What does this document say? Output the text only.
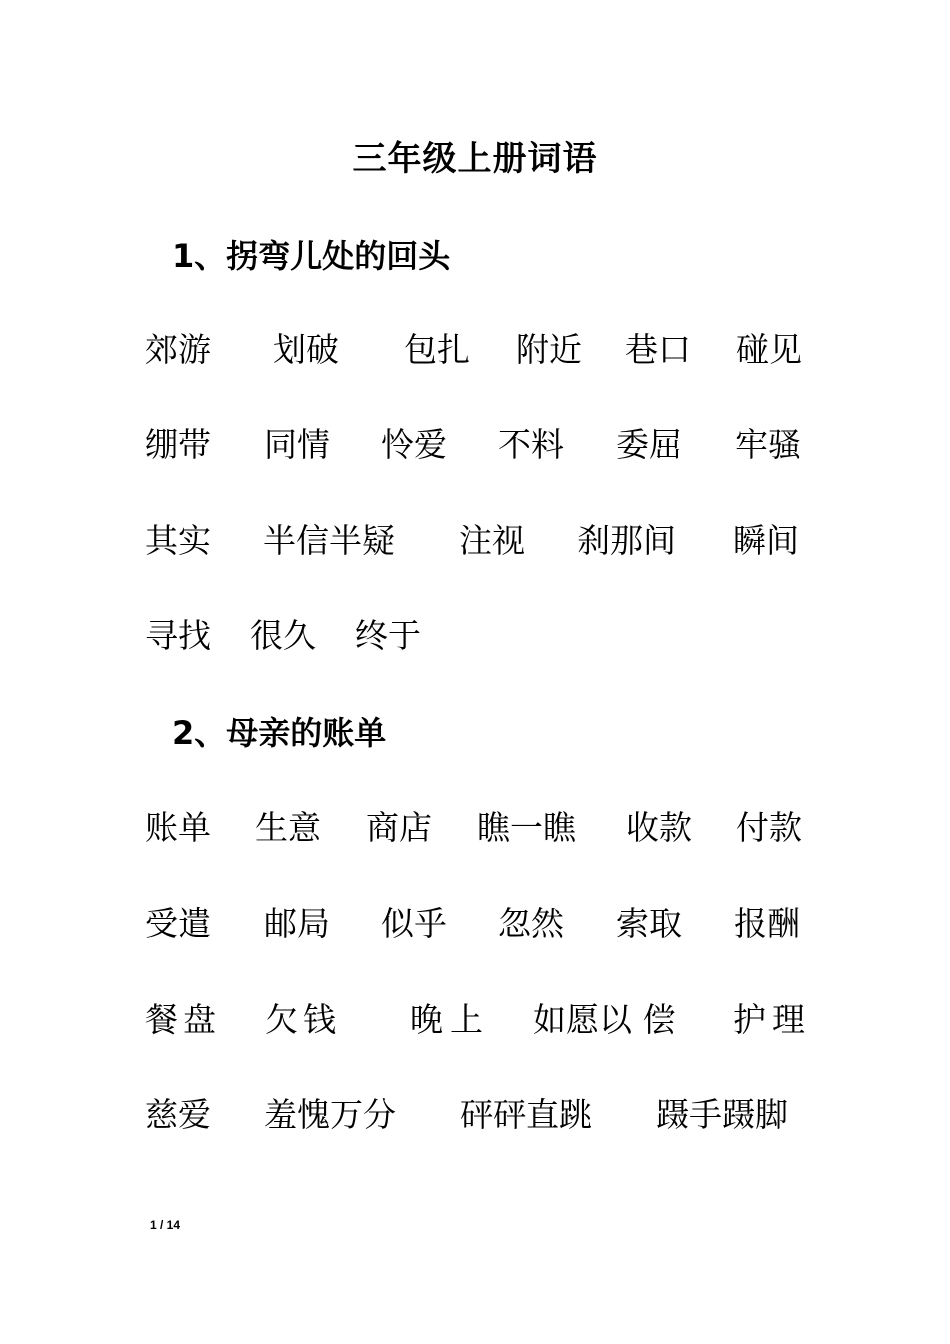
三年级上册词语
1、拐弯儿处的回头
郊游 划破 包扎 附近 巷口 碰见
绷带 同情 怜爱 不料 委屈 牢骚
其实 半信半疑 注视 刹那间 瞬间
寻找 很久 终于
2、母亲的账单
账单 生意 商店 瞧一瞧 收款 付款
受遣 邮局 似乎 忽然 索取 报酬
餐盘 欠钱 晚上 如愿以 偿 护理
慈爱 羞愧万分 砰砰直跳 蹑手蹑脚
1 / 14
